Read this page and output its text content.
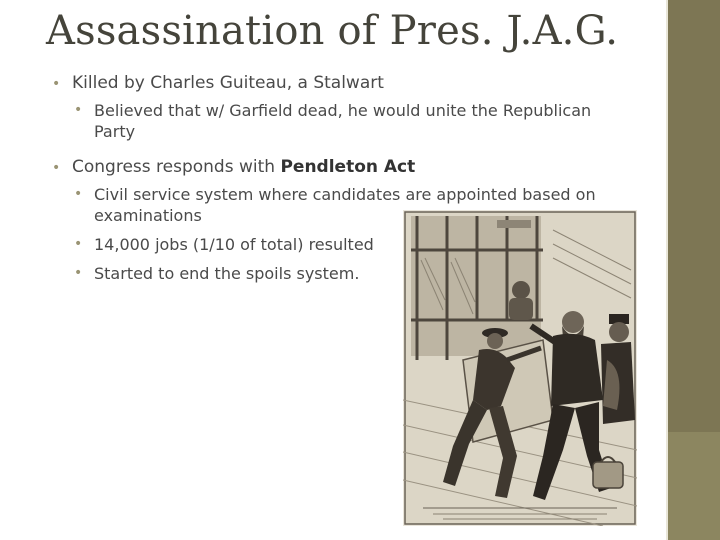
Assassination of Pres. J.A.G.
• Killed by Charles Guiteau, a Stalwart
• Believed that w/ Garfield dead, he would unite the Republican Party
• Congress responds with Pendleton Act
• Civil service system where candidates are appointed based on examinations
• 14,000 jobs (1/10 of total) resulted
• Started to end the spoils system.
